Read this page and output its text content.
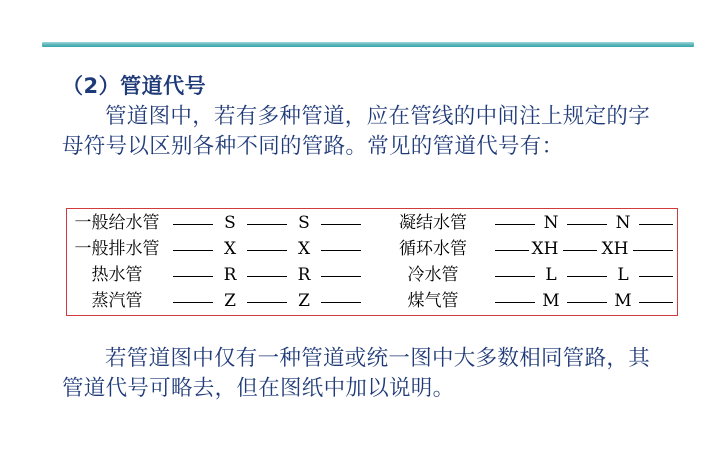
（2）管道代号
管道图中，若有多种管道，应在管线的中间注上规定的字母符号以区别各种不同的管路。常见的管道代号有：
一般给水管	S	S	凝结水管	N	N
一般排水管	X	X	循环水管	XH	XH
热水管	R	R	冷水管	L	L
蒸汽管	Z	Z	煤气管	M	M
若管道图中仅有一种管道或统一图中大多数相同管路，其管道代号可略去，但在图纸中加以说明。
